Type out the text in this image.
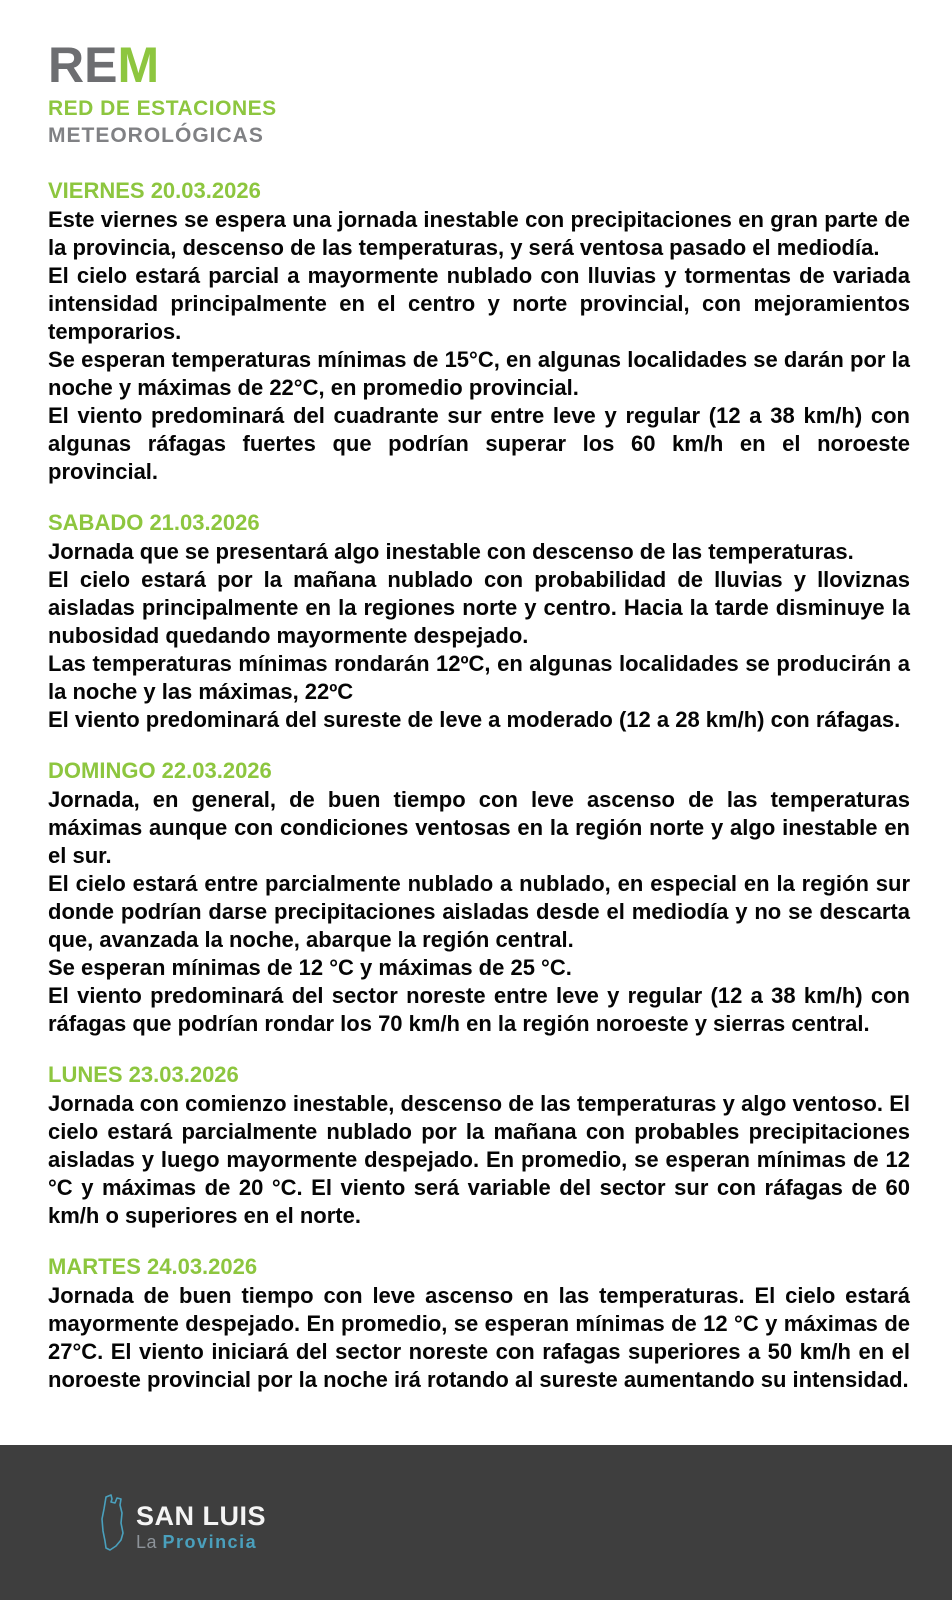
REM
RED DE ESTACIONES
METEOROLÓGICAS
VIERNES 20.03.2026

Este viernes se espera una jornada inestable con precipitaciones en gran parte de la provincia, descenso de las temperaturas, y será ventosa pasado el mediodía.

El cielo estará parcial a mayormente nublado con lluvias y tormentas de variada intensidad principalmente en el centro y norte provincial, con mejoramientos temporarios.

Se esperan temperaturas mínimas de 15°C, en algunas localidades se darán por la noche y máximas de 22°C, en promedio provincial.

El viento predominará del cuadrante sur entre leve y regular (12 a 38 km/h) con algunas ráfagas fuertes que podrían superar los 60 km/h en el noroeste provincial.

SABADO 21.03.2026

Jornada que se presentará algo inestable con descenso de las temperaturas.

El cielo estará por la mañana nublado con probabilidad de lluvias y lloviznas aisladas principalmente en la regiones norte y centro. Hacia la tarde disminuye la nubosidad quedando mayormente despejado.

Las temperaturas mínimas rondarán 12ºC, en algunas localidades se producirán a la noche y las máximas, 22ºC

El viento predominará del sureste de leve a moderado (12 a 28 km/h) con ráfagas.

DOMINGO 22.03.2026

Jornada, en general, de buen tiempo con leve ascenso de las temperaturas máximas aunque con condiciones ventosas en la región norte y algo inestable en el sur.

El cielo estará entre parcialmente nublado a nublado, en especial en la región sur donde podrían darse precipitaciones aisladas desde el mediodía y no se descarta que, avanzada la noche, abarque la región central.

Se esperan mínimas de 12 °C y máximas de 25 °C.

El viento predominará del sector noreste entre leve y regular (12 a 38 km/h) con ráfagas que podrían rondar los 70 km/h en la región noroeste y sierras central.

LUNES 23.03.2026

Jornada con comienzo inestable, descenso de las temperaturas y algo ventoso. El cielo estará parcialmente nublado por la mañana con probables precipitaciones aisladas y luego mayormente despejado. En promedio, se esperan mínimas de 12 °C y máximas de 20 °C. El viento será variable del sector sur con ráfagas de 60 km/h o superiores en el norte.

MARTES 24.03.2026

Jornada de buen tiempo con leve ascenso en las temperaturas. El cielo estará mayormente despejado. En promedio, se esperan mínimas de 12 °C y máximas de 27°C. El viento iniciará del sector noreste con rafagas superiores a 50 km/h en el noroeste provincial por la noche irá rotando al sureste aumentando su intensidad.

SAN LUIS
La Provincia
